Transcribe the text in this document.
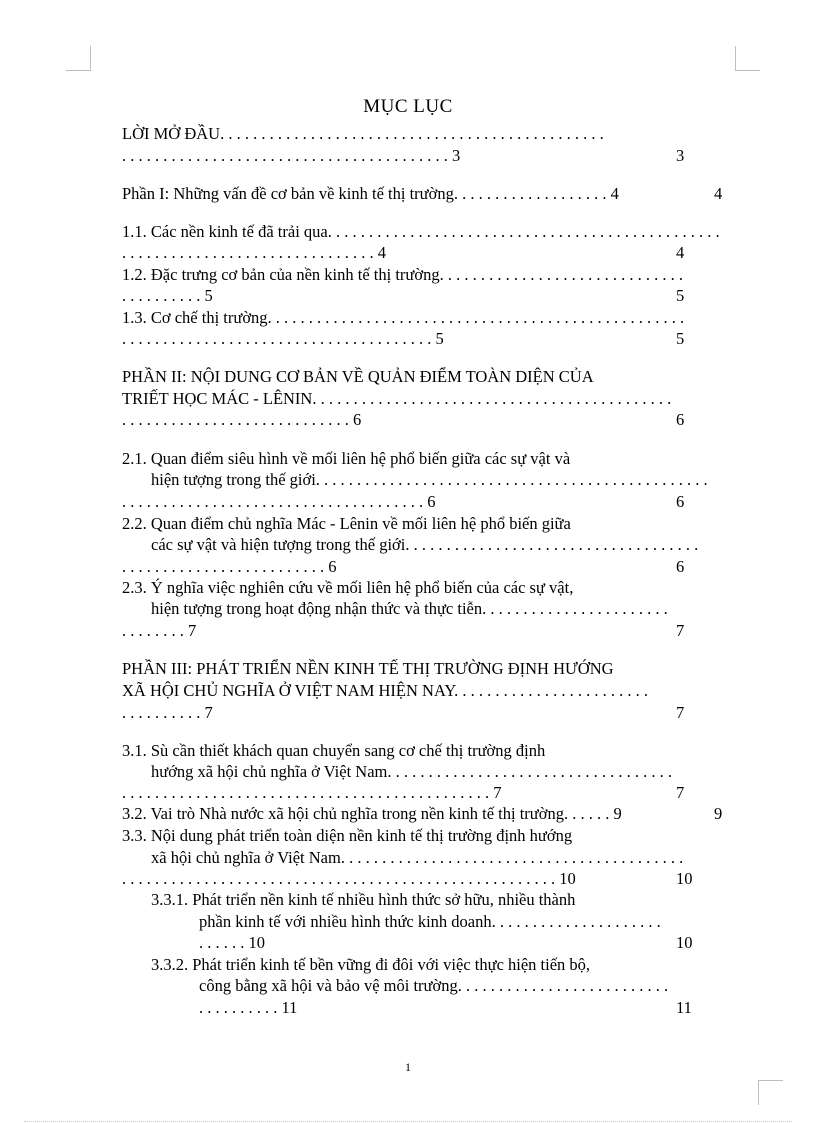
MỤC LỤC
LỜI MỞ ĐẦU. . . . . . . . . . . . . . . . . . . . . . . . . . . . . . . . . . . . . . . . . . . . . . .
. . . . . . . . . . . . . . . . . . . . . . . . . . . . . . . . . . . . . . . . 3	3
Phần I: Những vấn đề cơ bản về kinh tế thị trường. . . . . . . . . . . . . . . . . . . 4	4
1.1. Các nền kinh tế đã trải qua. . . . . . . . . . . . . . . . . . . . . . . . . . . . . . . . . . . . . . . . . . . . . . . .
. . . . . . . . . . . . . . . . . . . . . . . . . . . . . . . 4	4
1.2. Đặc trưng cơ bản của nền kinh tế thị trường. . . . . . . . . . . . . . . . . . . . . . . . . . . . . .
. . . . . . . . . . 5	5
1.3. Cơ chế thị trường. . . . . . . . . . . . . . . . . . . . . . . . . . . . . . . . . . . . . . . . . . . . . . . . . . .
. . . . . . . . . . . . . . . . . . . . . . . . . . . . . . . . . . . . . . 5	5
PHẦN II: NỘI DUNG CƠ BẢN VỀ QUẢN ĐIỂM TOÀN DIỆN CỦA
TRIẾT HỌC MÁC - LÊNIN. . . . . . . . . . . . . . . . . . . . . . . . . . . . . . . . . . . . . . . . . . . .
. . . . . . . . . . . . . . . . . . . . . . . . . . . . 6	6
2.1. Quan điểm siêu hình về mối liên hệ phổ biến giữa các sự vật và
hiện tượng trong thế giới. . . . . . . . . . . . . . . . . . . . . . . . . . . . . . . . . . . . . . . . . . . . . . . .
. . . . . . . . . . . . . . . . . . . . . . . . . . . . . . . . . . . . . 6	6
2.2. Quan điểm chủ nghĩa Mác - Lênin về mối liên hệ phổ biến giữa
các sự vật và hiện tượng trong thế giới. . . . . . . . . . . . . . . . . . . . . . . . . . . . . . . . . . . .
. . . . . . . . . . . . . . . . . . . . . . . . . 6	6
2.3. Ý nghĩa việc nghiên cứu về mối liên hệ phổ biến của các sự vật,
hiện tượng trong hoạt động nhận thức và thực tiễn. . . . . . . . . . . . . . . . . . . . . . .
. . . . . . . . 7	7
PHẦN III: PHÁT TRIỂN NỀN KINH TẾ THỊ TRƯỜNG ĐỊNH HƯỚNG
XÃ HỘI CHỦ NGHĨA Ở VIỆT NAM HIỆN NAY. . . . . . . . . . . . . . . . . . . . . . . .
. . . . . . . . . . 7	7
3.1. Sù cần thiết khách quan chuyển sang cơ chế thị trường định
hướng xã hội chủ nghĩa ở Việt Nam. . . . . . . . . . . . . . . . . . . . . . . . . . . . . . . . . . .
. . . . . . . . . . . . . . . . . . . . . . . . . . . . . . . . . . . . . . . . . . . . . 7	7
3.2. Vai trò Nhà nước xã hội chủ nghĩa trong nền kinh tế thị trường. . . . . . 9	9
3.3. Nội dung phát triển toàn diện nền kinh tế thị trường định hướng
xã hội chủ nghĩa ở Việt Nam. . . . . . . . . . . . . . . . . . . . . . . . . . . . . . . . . . . . . . . . . .
. . . . . . . . . . . . . . . . . . . . . . . . . . . . . . . . . . . . . . . . . . . . . . . . . . . . . 10	10
3.3.1. Phát triển nền kinh tế nhiều hình thức sở hữu, nhiều thành
phần kinh tế với nhiều hình thức kinh doanh. . . . . . . . . . . . . . . . . . . . .
. . . . . . 10	10
3.3.2. Phát triển kinh tế bền vững đi đôi với việc thực hiện tiến bộ,
công bằng xã hội và bảo vệ môi trường. . . . . . . . . . . . . . . . . . . . . . . . . .
. . . . . . . . . . 11	11
1
